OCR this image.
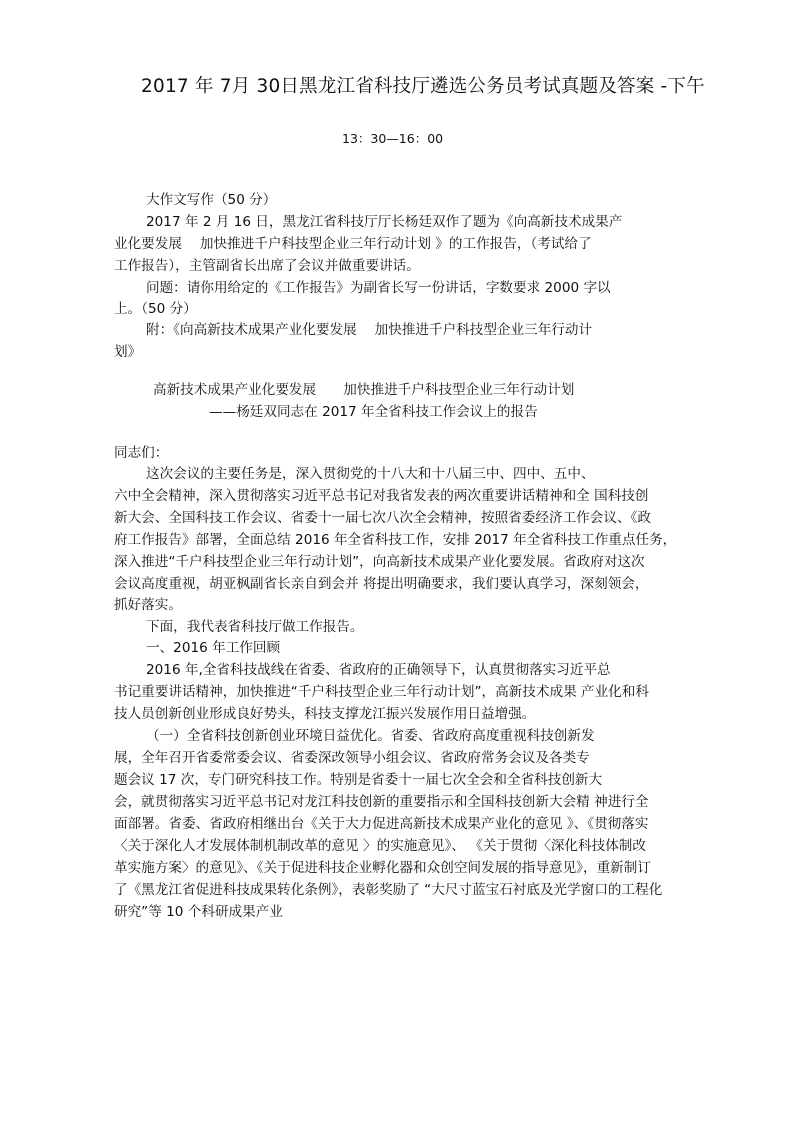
2017 年 7月 30日黑龙江省科技厅遴选公务员考试真题及答案 -下午
13：30—16：00
大作文写作（50 分）
2017 年 2 月 16 日，黑龙江省科技厅厅长杨廷双作了题为《向高新技术成果产
业化要发展　 加快推进千户科技型企业三年行动计划 》的工作报告，（考试给了
工作报告），主管副省长出席了会议并做重要讲话。
问题：请你用给定的《工作报告》为副省长写一份讲话，字数要求 2000 字以
上。（50 分）
附：《向高新技术成果产业化要发展　 加快推进千户科技型企业三年行动计
划》
高新技术成果产业化要发展　　加快推进千户科技型企业三年行动计划
——杨廷双同志在 2017 年全省科技工作会议上的报告
同志们：
这次会议的主要任务是，深入贯彻党的十八大和十八届三中、四中、五中、
六中全会精神，深入贯彻落实习近平总书记对我省发表的两次重要讲话精神和全 国科技创
新大会、全国科技工作会议、省委十一届七次八次全会精神，按照省委经济工作会议、《政
府工作报告》部署，全面总结 2016 年全省科技工作，安排 2017 年全省科技工作重点任务，
深入推进“千户科技型企业三年行动计划”，向高新技术成果产业化要发展。省政府对这次
会议高度重视，胡亚枫副省长亲自到会并 将提出明确要求，我们要认真学习，深刻领会，
抓好落实。
下面，我代表省科技厅做工作报告。
一、2016 年工作回顾
2016 年,全省科技战线在省委、省政府的正确领导下，认真贯彻落实习近平总
书记重要讲话精神，加快推进“千户科技型企业三年行动计划”，高新技术成果 产业化和科
技人员创新创业形成良好势头，科技支撑龙江振兴发展作用日益增强。
（一）全省科技创新创业环境日益优化。省委、省政府高度重视科技创新发
展，全年召开省委常委会议、省委深改领导小组会议、省政府常务会议及各类专
题会议 17 次，专门研究科技工作。特别是省委十一届七次全会和全省科技创新大
会，就贯彻落实习近平总书记对龙江科技创新的重要指示和全国科技创新大会精 神进行全
面部署。省委、省政府相继出台《关于大力促进高新技术成果产业化的意见 》、《贯彻落实
〈关于深化人才发展体制机制改革的意见 〉的实施意见》、 《关于贯彻〈深化科技体制改
革实施方案〉的意见》、《关于促进科技企业孵化器和众创空间发展的指导意见》，重新制订
了《黑龙江省促进科技成果转化条例》，表彰奖励了 “大尺寸蓝宝石衬底及光学窗口的工程化
研究”等 10 个科研成果产业
